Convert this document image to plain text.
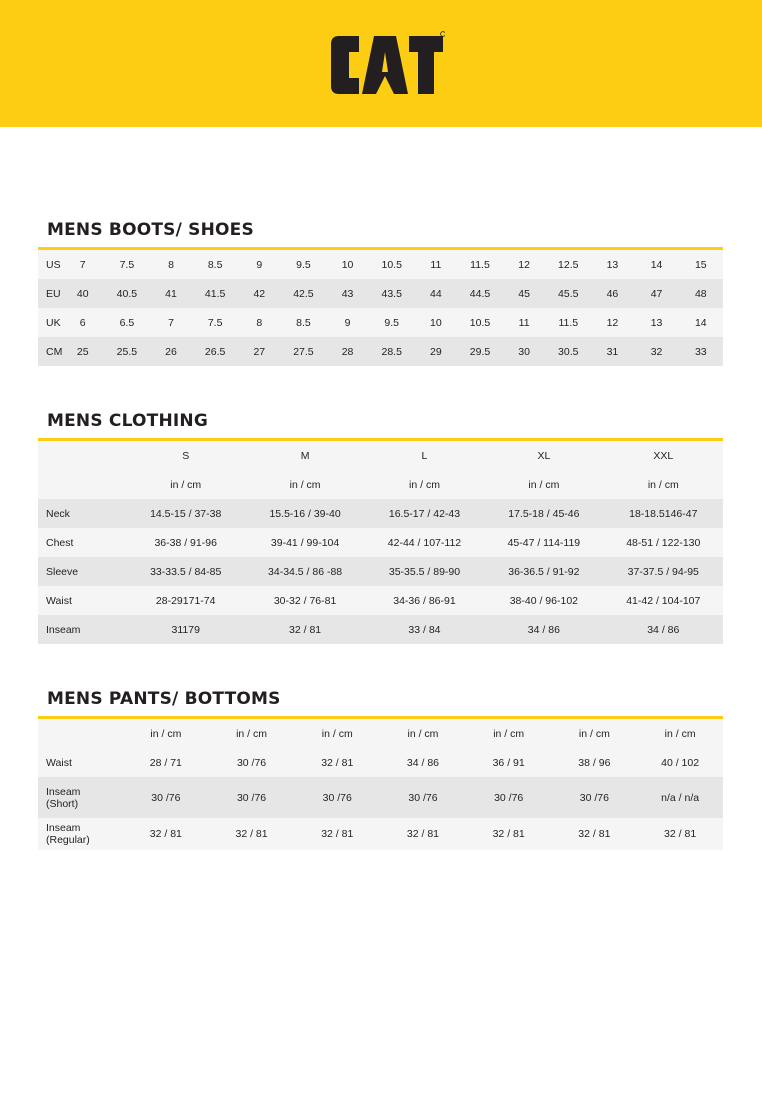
MENS BOOTS/ SHOES
US	7	7.5	8	8.5	9	9.5	10	10.5	11	11.5	12	12.5	13	14	15
EU	40	40.5	41	41.5	42	42.5	43	43.5	44	44.5	45	45.5	46	47	48
UK	6	6.5	7	7.5	8	8.5	9	9.5	10	10.5	11	11.5	12	13	14
CM	25	25.5	26	26.5	27	27.5	28	28.5	29	29.5	30	30.5	31	32	33
MENS CLOTHING
	S	M	L	XL	XXL
	in / cm	in / cm	in / cm	in / cm	in / cm
Neck	14.5-15 / 37-38	15.5-16 / 39-40	16.5-17 / 42-43	17.5-18 / 45-46	18-18.5146-47
Chest	36-38 / 91-96	39-41 / 99-104	42-44 / 107-112	45-47 / 114-119	48-51 / 122-130
Sleeve	33-33.5 / 84-85	34-34.5 / 86 -88	35-35.5 / 89-90	36-36.5 / 91-92	37-37.5 / 94-95
Waist	28-29171-74	30-32 / 76-81	34-36 / 86-91	38-40 / 96-102	41-42 / 104-107
Inseam	31179	32 / 81	33 / 84	34 / 86	34 / 86
MENS PANTS/ BOTTOMS
	in / cm	in / cm	in / cm	in / cm	in / cm	in / cm	in / cm
Waist	28 / 71	30 /76	32 / 81	34 / 86	36 / 91	38 / 96	40 / 102
Inseam
(Short)	30 /76	30 /76	30 /76	30 /76	30 /76	30 /76	n/a / n/a
Inseam
(Regular)	32 / 81	32 / 81	32 / 81	32 / 81	32 / 81	32 / 81	32 / 81
